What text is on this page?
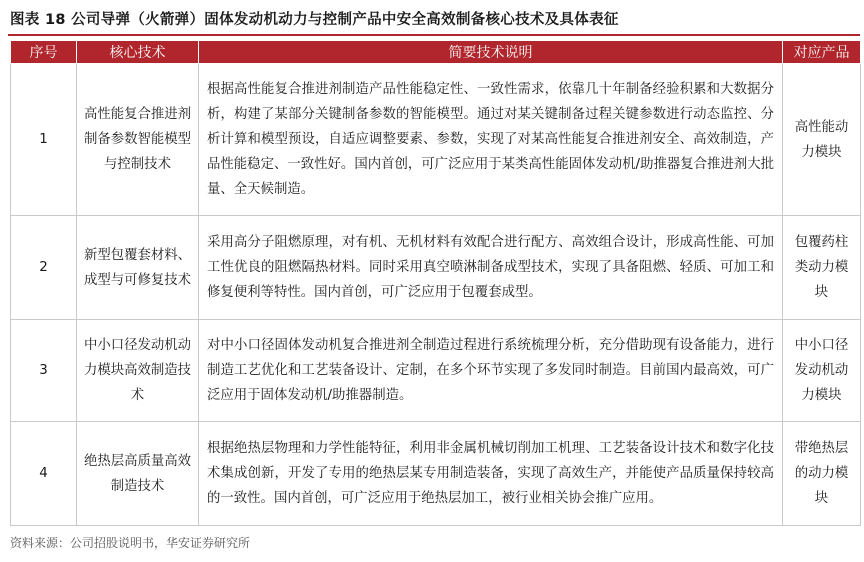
图表 18 公司导弹（火箭弹）固体发动机动力与控制产品中安全高效制备核心技术及具体表征
序号	核心技术	简要技术说明	对应产品
1	高性能复合推进剂制备参数智能模型与控制技术	根据高性能复合推进剂制造产品性能稳定性、一致性需求，依靠几十年制备经验积累和大数据分析，构建了某部分关键制备参数的智能模型。通过对某关键制备过程关键参数进行动态监控、分析计算和模型预设，自适应调整要素、参数，实现了对某高性能复合推进剂安全、高效制造，产品性能稳定、一致性好。国内首创，可广泛应用于某类高性能固体发动机/助推器复合推进剂大批量、全天候制造。	高性能动力模块
2	新型包覆套材料、成型与可修复技术	采用高分子阻燃原理，对有机、无机材料有效配合进行配方、高效组合设计，形成高性能、可加工性优良的阻燃隔热材料。同时采用真空喷淋制备成型技术，实现了具备阻燃、轻质、可加工和修复便利等特性。国内首创，可广泛应用于包覆套成型。	包覆药柱类动力模块
3	中小口径发动机动力模块高效制造技术	对中小口径固体发动机复合推进剂全制造过程进行系统梳理分析，充分借助现有设备能力，进行制造工艺优化和工艺装备设计、定制，在多个环节实现了多发同时制造。目前国内最高效，可广泛应用于固体发动机/助推器制造。	中小口径发动机动力模块
4	绝热层高质量高效制造技术	根据绝热层物理和力学性能特征，利用非金属机械切削加工机理、工艺装备设计技术和数字化技术集成创新，开发了专用的绝热层某专用制造装备，实现了高效生产，并能使产品质量保持较高的一致性。国内首创，可广泛应用于绝热层加工，被行业相关协会推广应用。	带绝热层的动力模块
资料来源：公司招股说明书，华安证券研究所
